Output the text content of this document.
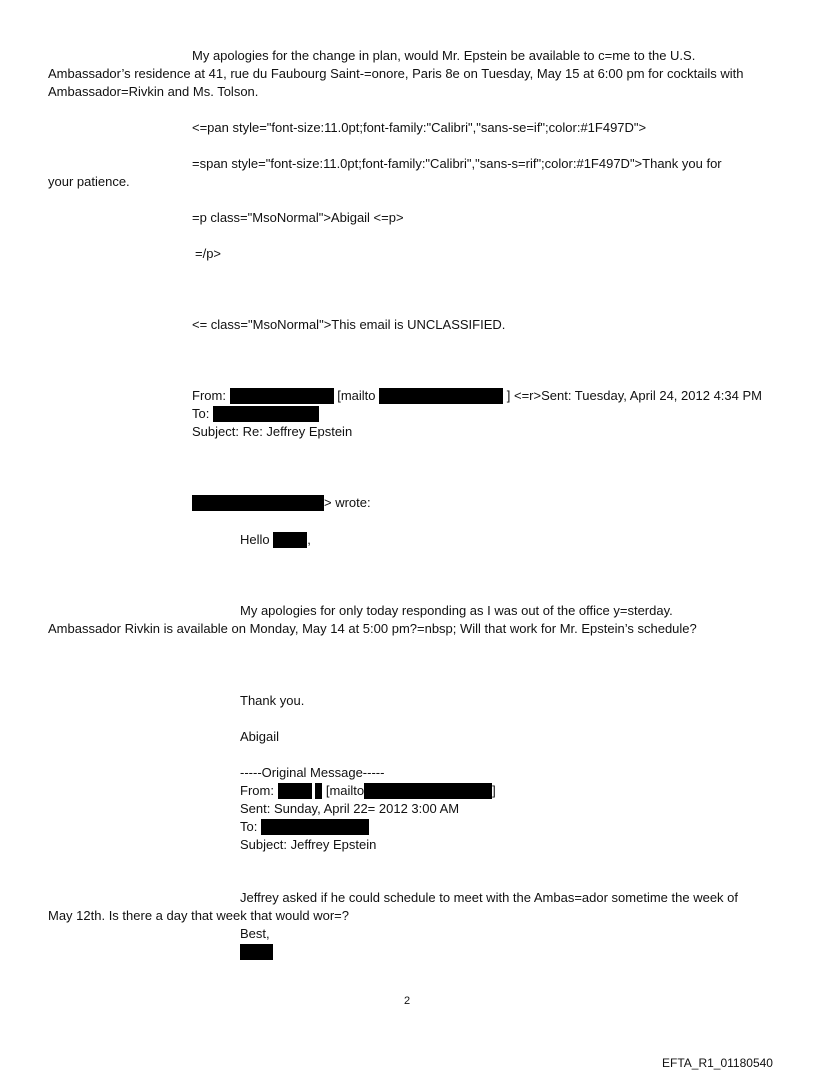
My apologies for the change in plan, would Mr. Epstein be available to c=me to the U.S.
Ambassador’s residence at 41, rue du Faubourg Saint-=onore, Paris 8e on Tuesday, May 15 at 6:00 pm for cocktails with
Ambassador=Rivkin and Ms. Tolson.
<=pan style="font-size:11.0pt;font-family:"Calibri","sans-se=if";color:#1F497D">
=span style="font-size:11.0pt;font-family:"Calibri","sans-s=rif";color:#1F497D">Thank you for
your patience.
=p class="MsoNormal">Abigail <=p>
=/p>
<= class="MsoNormal">This email is UNCLASSIFIED.
From:	[mailto	] <=r>Sent: Tuesday, April 24, 2012 4:34 PM
To:
Subject: Re: Jeffrey Epstein
> wrote:
Hello	,
My apologies for only today responding as I was out of the office y=sterday.
Ambassador Rivkin is available on Monday, May 14 at 5:00 pm?=nbsp; Will that work for Mr. Epstein’s schedule?
Thank you.
Abigail
-----Original Message-----
From:	[mailto	]
Sent: Sunday, April 22= 2012 3:00 AM
To:
Subject: Jeffrey Epstein
Jeffrey asked if he could schedule to meet with the Ambas=ador sometime the week of
May 12th. Is there a day that week that would wor=?
Best,
2
EFTA_R1_01180540
